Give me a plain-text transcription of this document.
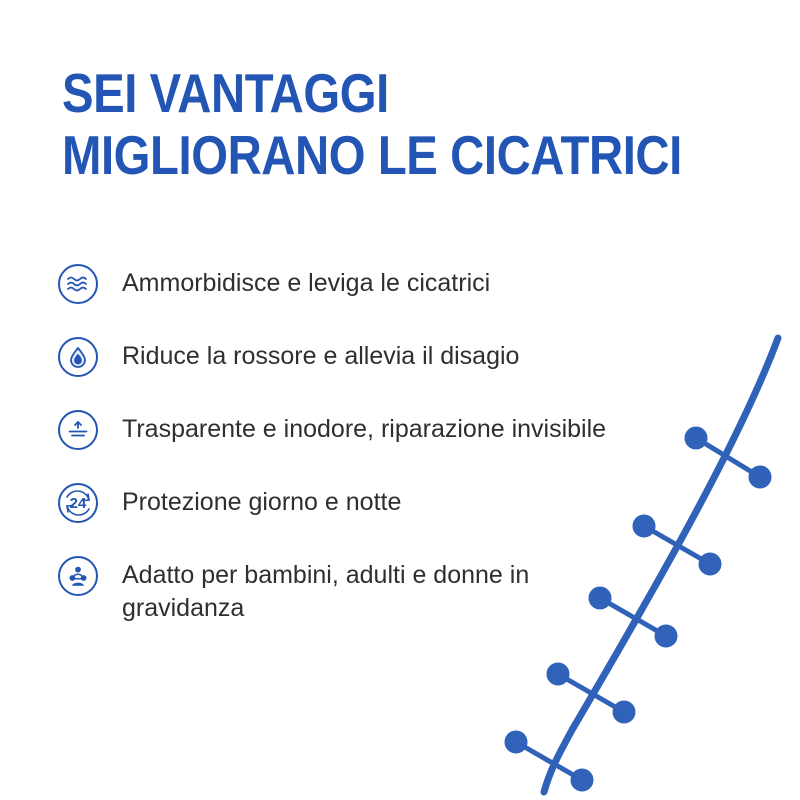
SEI VANTAGGI
MIGLIORANO LE CICATRICI
Ammorbidisce e leviga le cicatrici
Riduce la rossore e allevia il disagio
Trasparente e inodore, riparazione invisibile
24 Protezione giorno e notte
Adatto per bambini, adulti e donne in gravidanza
